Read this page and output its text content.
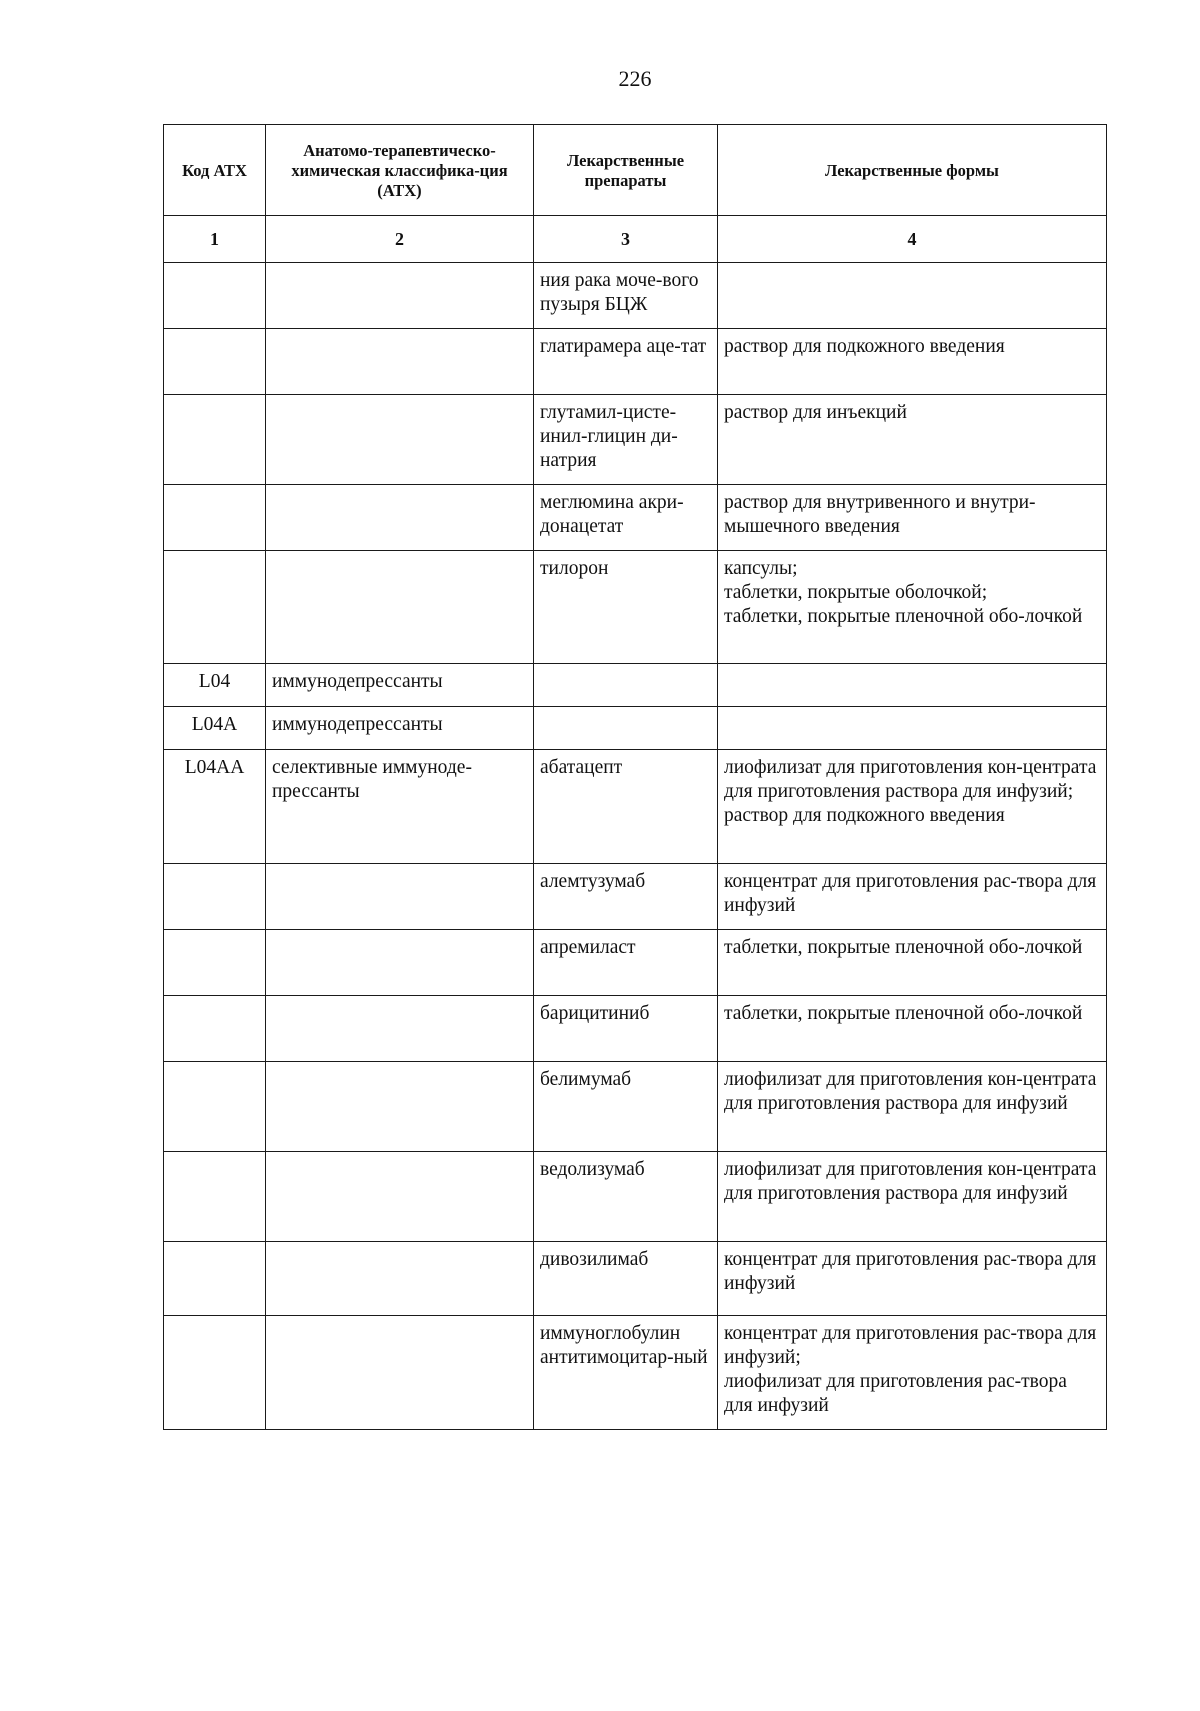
226
Код АТХ	Анатомо-терапевтическо-химическая классифика-ция (АТХ)	Лекарственные препараты	Лекарственные формы
1	2	3	4
		ния рака моче-вого пузыря БЦЖ	

		глатирамера аце-тат	раствор для подкожного введения

		глутамил-цисте-инил-глицин ди-натрия	раствор для инъекций

		меглюмина акри-донацетат	раствор для внутривенного и внутри-мышечного введения

		тилорон	капсулы;
таблетки, покрытые оболочкой;
таблетки, покрытые пленочной обо-лочкой

L04	иммунодепрессанты		

L04A	иммунодепрессанты		

L04AA	селективные иммуноде-прессанты	абатацепт	лиофилизат для приготовления кон-центрата для приготовления раствора для инфузий;
раствор для подкожного введения

		алемтузумаб	концентрат для приготовления рас-твора для инфузий

		апремиласт	таблетки, покрытые пленочной обо-лочкой

		барицитиниб	таблетки, покрытые пленочной обо-лочкой

		белимумаб	лиофилизат для приготовления кон-центрата для приготовления раствора для инфузий

		ведолизумаб	лиофилизат для приготовления кон-центрата для приготовления раствора для инфузий

		дивозилимаб	концентрат для приготовления рас-твора для инфузий

		иммуноглобулин антитимоцитар-ный	концентрат для приготовления рас-твора для инфузий;
лиофилизат для приготовления рас-твора для инфузий
